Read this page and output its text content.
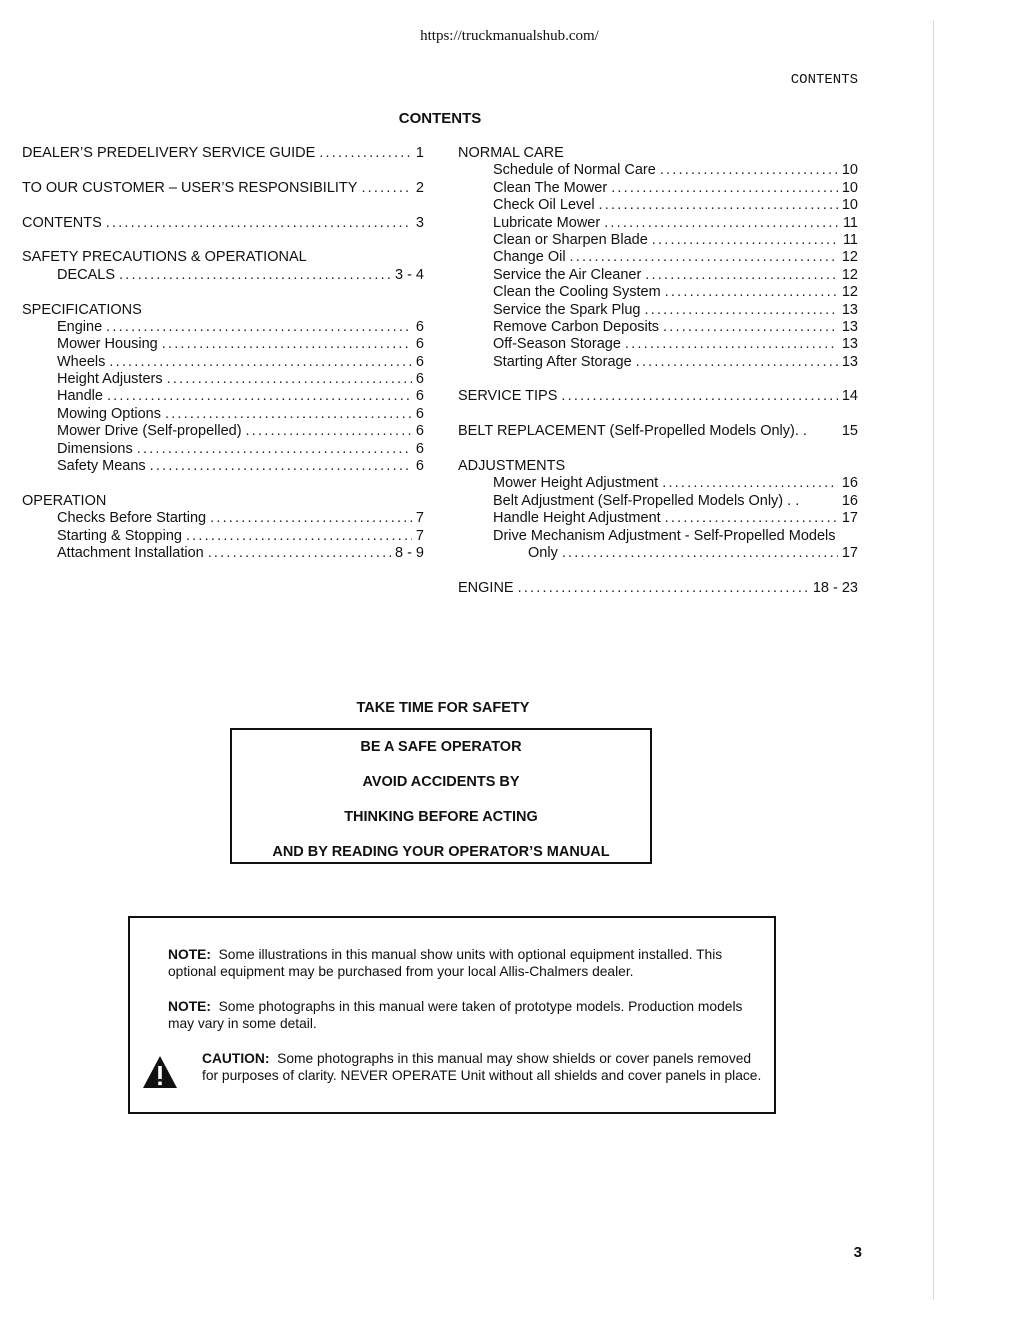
https://truckmanualshub.com/
CONTENTS
CONTENTS
DEALER’S PREDELIVERY SERVICE GUIDE .....	1
TO OUR CUSTOMER – USER’S RESPONSIBILITY .....	2
CONTENTS .....	3
SAFETY PRECAUTIONS & OPERATIONAL
DECALS .....	3 - 4
SPECIFICATIONS
Engine .....	6
Mower Housing .....	6
Wheels .....	6
Height Adjusters .....	6
Handle .....	6
Mowing Options .....	6
Mower Drive (Self-propelled) .....	6
Dimensions .....	6
Safety Means .....	6
OPERATION
Checks Before Starting .....	7
Starting & Stopping .....	7
Attachment Installation .....	8 - 9
NORMAL CARE
Schedule of Normal Care .....	10
Clean The Mower .....	10
Check Oil Level .....	10
Lubricate Mower .....	11
Clean or Sharpen Blade .....	11
Change Oil .....	12
Service the Air Cleaner .....	12
Clean the Cooling System .....	12
Service the Spark Plug .....	13
Remove Carbon Deposits .....	13
Off-Season Storage .....	13
Starting After Storage .....	13
SERVICE TIPS .....	14
BELT REPLACEMENT (Self-Propelled Models Only). .	15
ADJUSTMENTS
Mower Height Adjustment .....	16
Belt Adjustment (Self-Propelled Models Only) . .	16
Handle Height Adjustment .....	17
Drive Mechanism Adjustment - Self-Propelled Models
Only .....	17
ENGINE .....	18 - 23
TAKE TIME FOR SAFETY
BE A SAFE OPERATOR
AVOID ACCIDENTS BY
THINKING BEFORE ACTING
AND BY READING YOUR OPERATOR’S MANUAL
NOTE: Some illustrations in this manual show units with optional equipment installed. This optional equipment may be purchased from your local Allis-Chalmers dealer.
NOTE: Some photographs in this manual were taken of prototype models. Production models may vary in some detail.
CAUTION: Some photographs in this manual may show shields or cover panels removed for purposes of clarity. NEVER OPERATE Unit without all shields and cover panels in place.
3
